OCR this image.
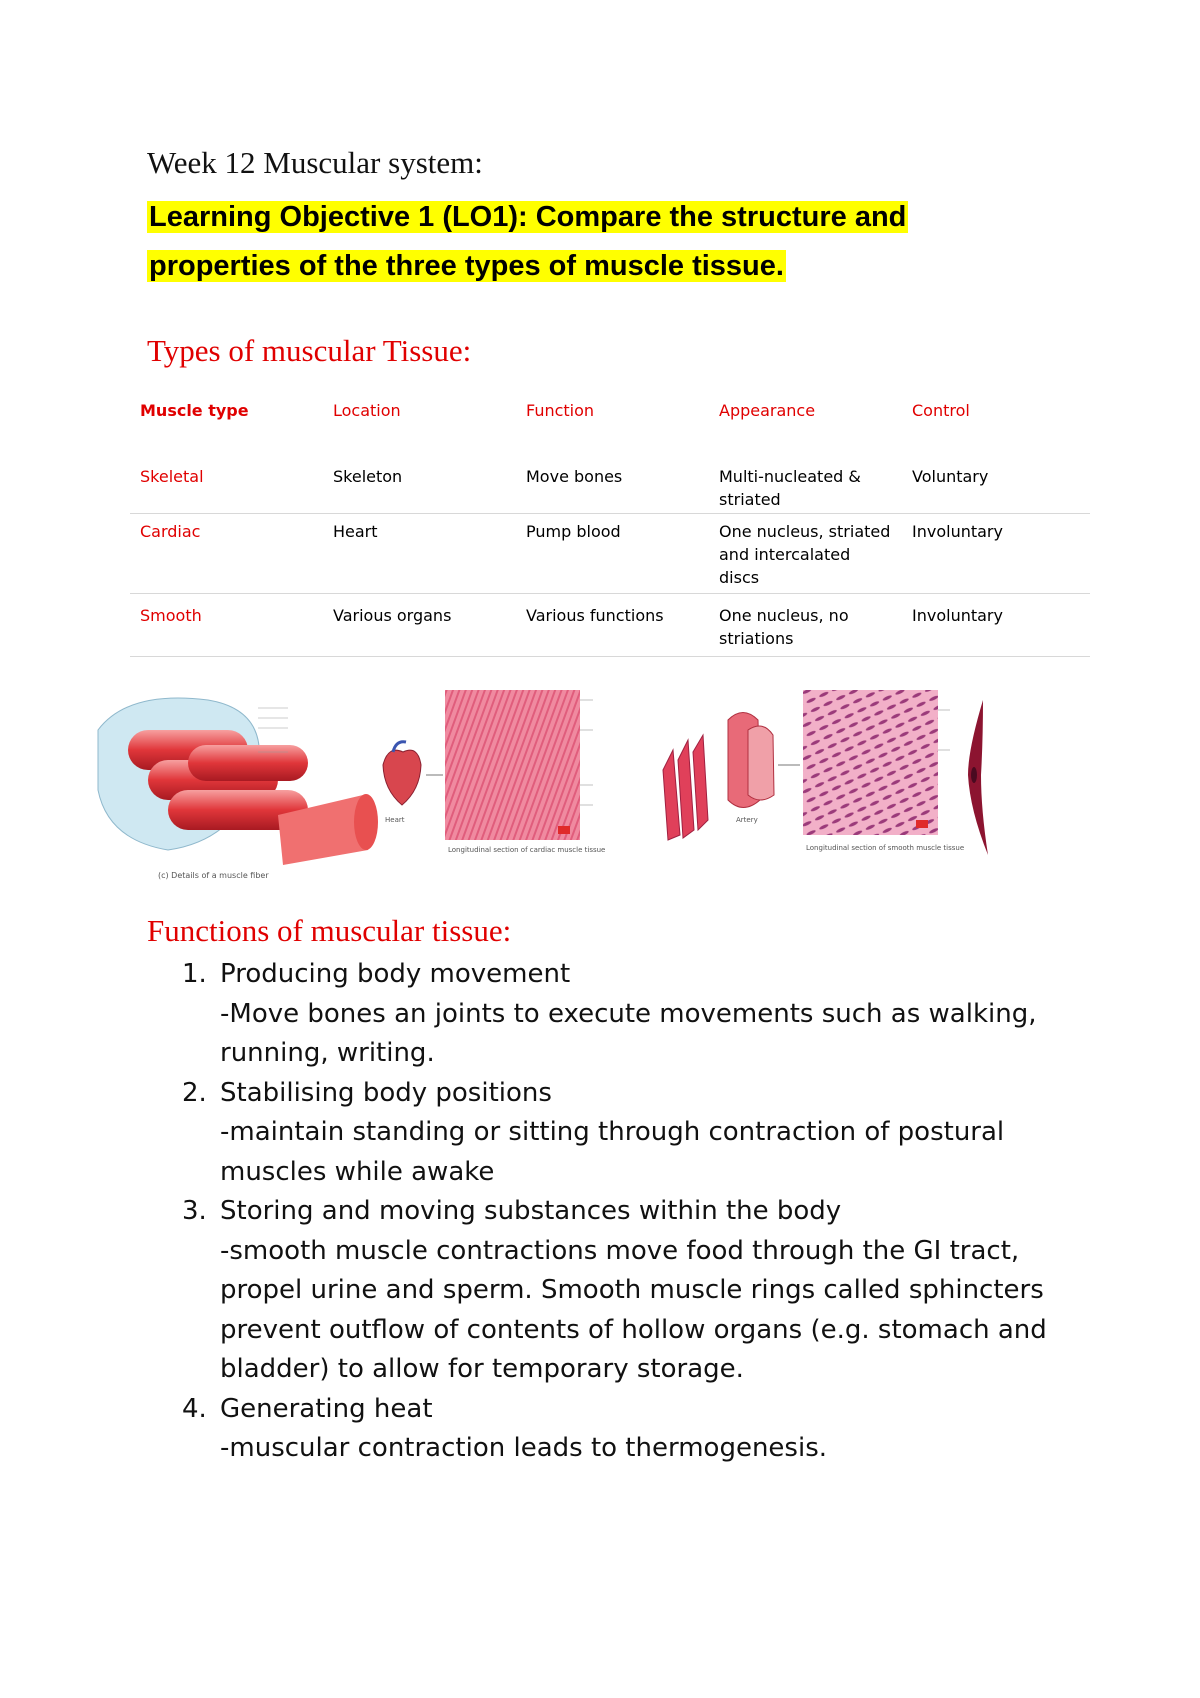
Week 12 Muscular system:
Learning Objective 1 (LO1): Compare the structure and properties of the three types of muscle tissue.
Types of muscular Tissue:
Muscle type	Location	Function	Appearance	Control
Skeletal	Skeleton	Move bones	Multi-nucleated & striated	Voluntary
Cardiac	Heart	Pump blood	One nucleus, striated and intercalated discs	Involuntary
Smooth	Various organs	Various functions	One nucleus, no striations	Involuntary
(c) Details of a muscle fiber
Heart
Longitudinal section of cardiac muscle tissue
Artery
Longitudinal section of smooth muscle tissue
Functions of muscular tissue:
1. Producing body movement
-Move bones an joints to execute movements such as walking, running, writing.
2. Stabilising body positions
-maintain standing or sitting through contraction of postural muscles while awake
3. Storing and moving substances within the body
-smooth muscle contractions move food through the GI tract, propel urine and sperm. Smooth muscle rings called sphincters prevent outflow of contents of hollow organs (e.g. stomach and bladder) to allow for temporary storage.
4. Generating heat
-muscular contraction leads to thermogenesis.
